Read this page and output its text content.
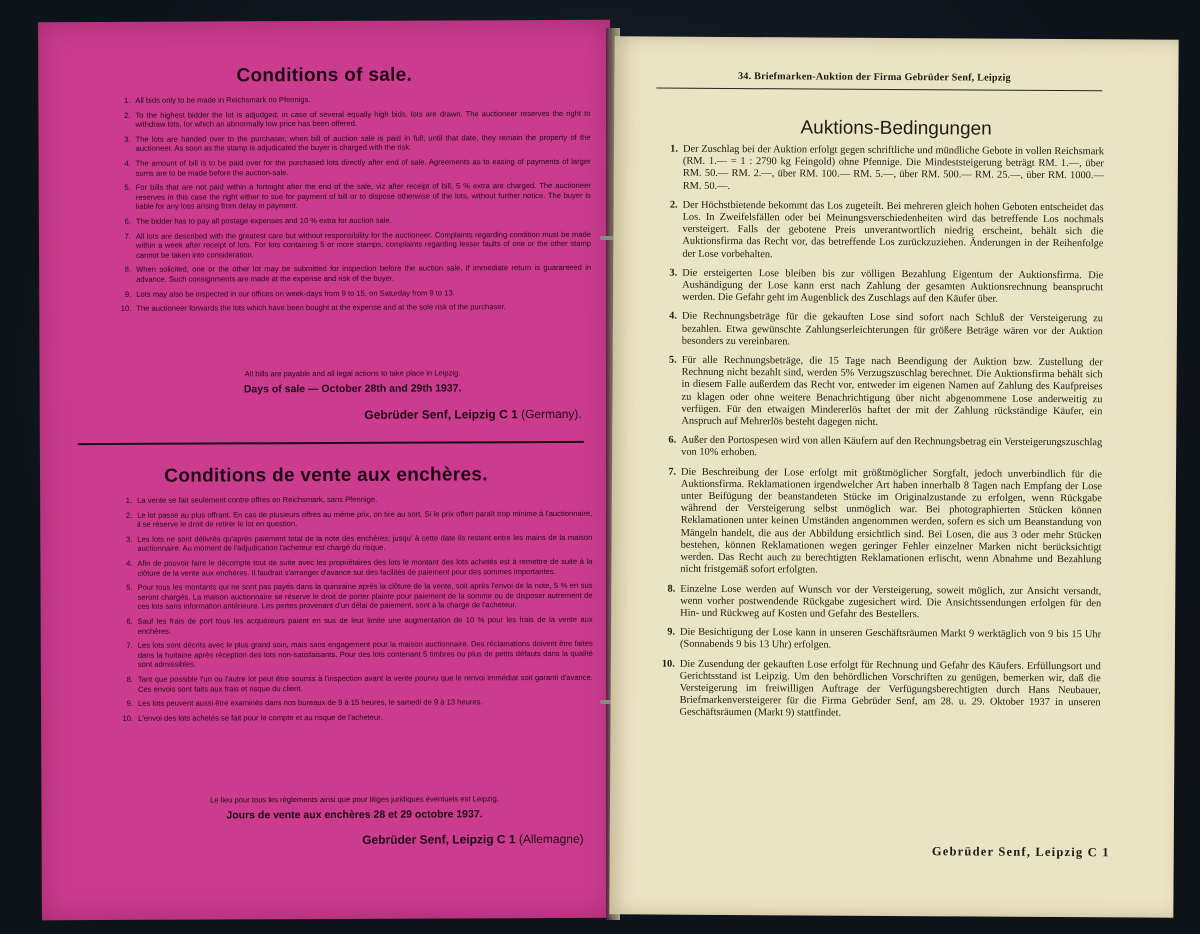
Conditions of sale.
1. All bids only to be made in Reichsmark no Pfennigs.
2. To the highest bidder the lot is adjudged; in case of several equally high bids, lots are drawn. The auctioneer reserves the right to withdraw lots, for which an abnormally low price has been offered.
3. The lots are handed over to the purchaser, when bill of auction sale is paid in full; until that date, they remain the property of the auctioneer. As soon as the stamp is adjudicated the buyer is charged with the risk.
4. The amount of bill is to be paid over for the purchased lots directly after end of sale. Agreements as to easing of payments of larger sums are to be made before the auction-sale.
5. For bills that are not paid within a fortnight after the end of the sale, viz after receipt of bill, 5 % extra are charged. The auctioneer reserves in this case the right either to sue for payment of bill or to dispose otherwise of the lots, without further notice. The buyer is liable for any loss arising from delay in payment.
6. The bidder has to pay all postage expenses and 10 % extra for auction sale.
7. All lots are described with the greatest care but without responsibility for the auctioneer. Complaints regarding condition must be made within a week after receipt of lots. For lots containing 5 or more stamps, complaints regarding lesser faults of one or the other stamp cannot be taken into consideration.
8. When solicited, one or the other lot may be submitted for inspection before the auction sale, if immediate return is guaranteed in advance. Such consignments are made at the expense and risk of the buyer.
9. Lots may also be inspected in our offices on week-days from 9 to 15, on Saturday from 9 to 13.
10. The auctioneer forwards the lots which have been bought at the expense and at the sole risk of the purchaser.
All bills are payable and all legal actions to take place in Leipzig.
Days of sale — October 28th and 29th 1937.
Gebrüder Senf, Leipzig C 1 (Germany).
Conditions de vente aux enchères.
1. La vente se fait seulement contre offres en Reichsmark, sans Pfennige.
2. Le lot passe au plus offrant. En cas de plusieurs offres au même prix, on tire au sort. Si le prix offert paraît trop minime à l'auctionnaire, il se réserve le droit de retirer le lot en question.
3. Les lots ne sont délivrés qu'après paiement total de la note des enchères; jusqu' à cette date ils restent entre les mains de la maison auctionnaire. Au moment de l'adjudication l'acheteur est chargé du risque.
4. Afin de pouvoir faire le décompte tout de suite avec les propriétaires des lots le montant des lots achetés est à remettre de suite à la clôture de la vente aux enchères. Il faudrait s'arranger d'avance sur des facilités de paiement pour des sommes importantes.
5. Pour tous les montants qui ne sont pas payés dans la quinzaine après la clôture de la vente, soit après l'envoi de la note, 5 % en sus seront chargés. La maison auctionnaire se réserve le droit de porter plainte pour paiement de la somme ou de disposer autrement de ces lots sans information antérieure. Les pertes provenant d'un délai de paiement, sont à la charge de l'acheteur.
6. Sauf les frais de port tous les acquéreurs paient en sus de leur limite une augmentation de 10 % pour les frais de la vente aux enchères.
7. Les lots sont décrits avec le plus grand soin, mais sans engagement pour la maison auctionnaire. Des réclamations doivent être faites dans la huitaine après réception des lots non-satisfaisants. Pour des lots contenant 5 timbres ou plus de petits défauts dans la qualité sont admissibles.
8. Tant que possible l'un ou l'autre lot peut être soumis à l'inspection avant la vente pourvu que le renvoi immédiat soit garanti d'avance. Ces envois sont faits aux frais et risque du client.
9. Les lots peuvent aussi être examinés dans nos bureaux de 9 à 15 heures, le samedi de 9 à 13 heures.
10. L'envoi des lots achetés se fait pour le compte et au risque de l'acheteur.
Le lieu pour tous les règlements ainsi que pour litiges juridiques éventuels est Leipzig.
Jours de vente aux enchères 28 et 29 octobre 1937.
Gebrüder Senf, Leipzig C 1 (Allemagne)
34. Briefmarken-Auktion der Firma Gebrüder Senf, Leipzig
Auktions-Bedingungen
1. Der Zuschlag bei der Auktion erfolgt gegen schriftliche und mündliche Gebote in vollen Reichsmark (RM. 1.— = 1 : 2790 kg Feingold) ohne Pfennige. Die Mindeststeigerung beträgt RM. 1.—, über RM. 50.— RM. 2.—, über RM. 100.— RM. 5.—, über RM. 500.— RM. 25.—, über RM. 1000.— RM. 50.—.
2. Der Höchstbietende bekommt das Los zugeteilt. Bei mehreren gleich hohen Geboten entscheidet das Los. In Zweifelsfällen oder bei Meinungsverschiedenheiten wird das betreffende Los nochmals versteigert. Falls der gebotene Preis unverantwortlich niedrig erscheint, behält sich die Auktionsfirma das Recht vor, das betreffende Los zurückzuziehen. Änderungen in der Reihenfolge der Lose vorbehalten.
3. Die ersteigerten Lose bleiben bis zur völligen Bezahlung Eigentum der Auktionsfirma. Die Aushändigung der Lose kann erst nach Zahlung der gesamten Auktionsrechnung beansprucht werden. Die Gefahr geht im Augenblick des Zuschlags auf den Käufer über.
4. Die Rechnungsbeträge für die gekauften Lose sind sofort nach Schluß der Versteigerung zu bezahlen. Etwa gewünschte Zahlungserleichterungen für größere Beträge wären vor der Auktion besonders zu vereinbaren.
5. Für alle Rechnungsbeträge, die 15 Tage nach Beendigung der Auktion bzw. Zustellung der Rechnung nicht bezahlt sind, werden 5% Verzugszuschlag berechnet. Die Auktionsfirma behält sich in diesem Falle außerdem das Recht vor, entweder im eigenen Namen auf Zahlung des Kaufpreises zu klagen oder ohne weitere Benachrichtigung über nicht abgenommene Lose anderweitig zu verfügen. Für den etwaigen Mindererlös haftet der mit der Zahlung rückständige Käufer, ein Anspruch auf Mehrerlös besteht dagegen nicht.
6. Außer den Portospesen wird von allen Käufern auf den Rechnungsbetrag ein Versteigerungszuschlag von 10% erhoben.
7. Die Beschreibung der Lose erfolgt mit größtmöglicher Sorgfalt, jedoch unverbindlich für die Auktionsfirma. Reklamationen irgendwelcher Art haben innerhalb 8 Tagen nach Empfang der Lose unter Beifügung der beanstandeten Stücke im Originalzustande zu erfolgen, wenn Rückgabe während der Versteigerung selbst unmöglich war. Bei photographierten Stücken können Reklamationen unter keinen Umständen angenommen werden, sofern es sich um Beanstandung von Mängeln handelt, die aus der Abbildung ersichtlich sind. Bei Losen, die aus 3 oder mehr Stücken bestehen, können Reklamationen wegen geringer Fehler einzelner Marken nicht berücksichtigt werden. Das Recht auch zu berechtigten Reklamationen erlischt, wenn Abnahme und Bezahlung nicht fristgemäß sofort erfolgten.
8. Einzelne Lose werden auf Wunsch vor der Versteigerung, soweit möglich, zur Ansicht versandt, wenn vorher postwendende Rückgabe zugesichert wird. Die Ansichtssendungen erfolgen für den Hin- und Rückweg auf Kosten und Gefahr des Bestellers.
9. Die Besichtigung der Lose kann in unseren Geschäftsräumen Markt 9 werktäglich von 9 bis 15 Uhr (Sonnabends 9 bis 13 Uhr) erfolgen.
10. Die Zusendung der gekauften Lose erfolgt für Rechnung und Gefahr des Käufers. Erfüllungsort und Gerichtsstand ist Leipzig. Um den behördlichen Vorschriften zu genügen, bemerken wir, daß die Versteigerung im freiwilligen Auftrage der Verfügungsberechtigten durch Hans Neubauer, Briefmarkenversteigerer für die Firma Gebrüder Senf, am 28. u. 29. Oktober 1937 in unseren Geschäftsräumen (Markt 9) stattfindet.
Gebrüder Senf, Leipzig C 1
